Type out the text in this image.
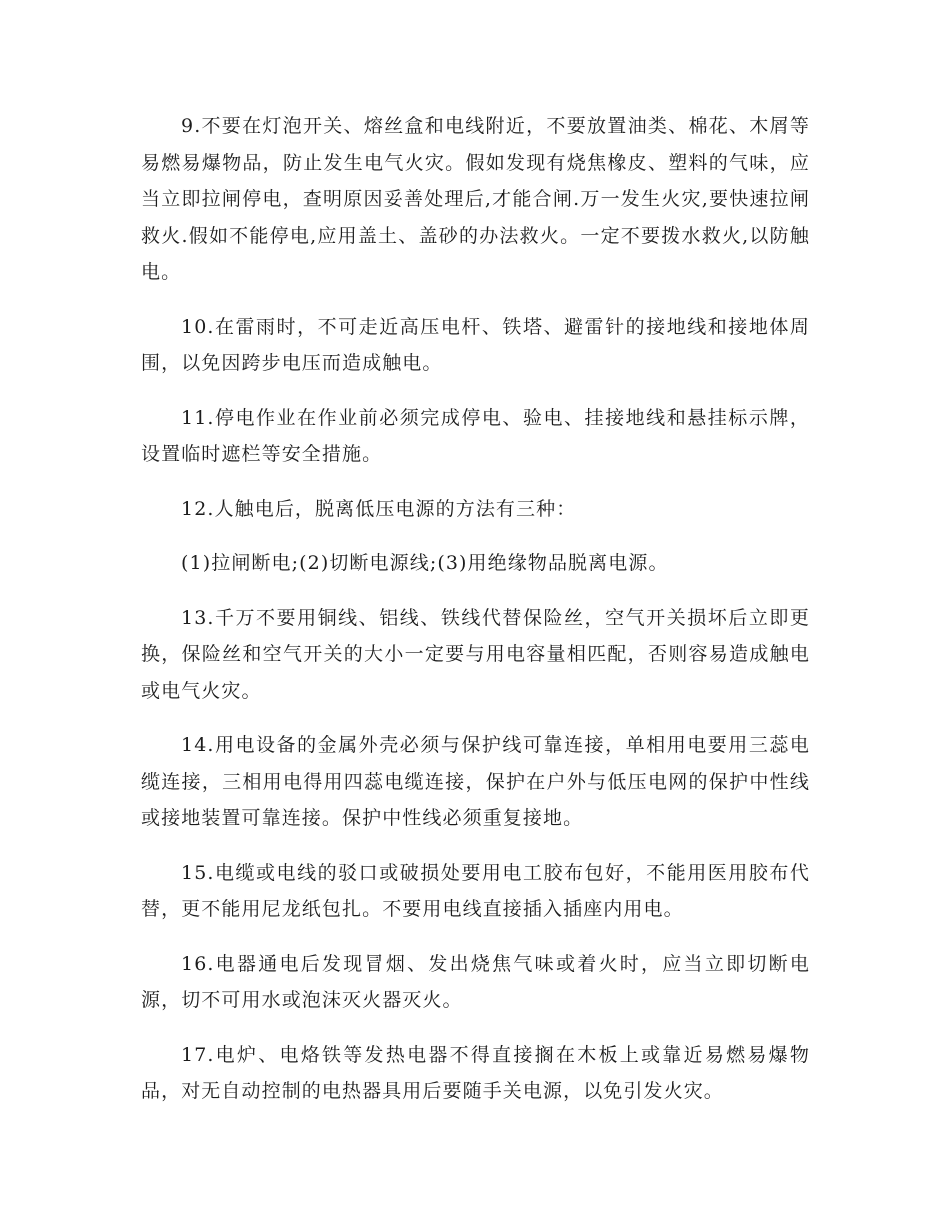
9.不要在灯泡开关、熔丝盒和电线附近，不要放置油类、棉花、木屑等易燃易爆物品，防止发生电气火灾。假如发现有烧焦橡皮、塑料的气味，应当立即拉闸停电，查明原因妥善处理后,才能合闸.万一发生火灾,要快速拉闸救火.假如不能停电,应用盖土、盖砂的办法救火。一定不要拨水救火,以防触电。

10.在雷雨时，不可走近高压电杆、铁塔、避雷针的接地线和接地体周围，以免因跨步电压而造成触电。

11.停电作业在作业前必须完成停电、验电、挂接地线和悬挂标示牌，设置临时遮栏等安全措施。

12.人触电后，脱离低压电源的方法有三种：

(1)拉闸断电;(2)切断电源线;(3)用绝缘物品脱离电源。

13.千万不要用铜线、铝线、铁线代替保险丝，空气开关损坏后立即更换，保险丝和空气开关的大小一定要与用电容量相匹配，否则容易造成触电或电气火灾。

14.用电设备的金属外壳必须与保护线可靠连接，单相用电要用三蕊电缆连接，三相用电得用四蕊电缆连接，保护在户外与低压电网的保护中性线或接地装置可靠连接。保护中性线必须重复接地。

15.电缆或电线的驳口或破损处要用电工胶布包好，不能用医用胶布代替，更不能用尼龙纸包扎。不要用电线直接插入插座内用电。

16.电器通电后发现冒烟、发出烧焦气味或着火时，应当立即切断电源，切不可用水或泡沫灭火器灭火。

17.电炉、电烙铁等发热电器不得直接搁在木板上或靠近易燃易爆物品，对无自动控制的电热器具用后要随手关电源，以免引发火灾。
